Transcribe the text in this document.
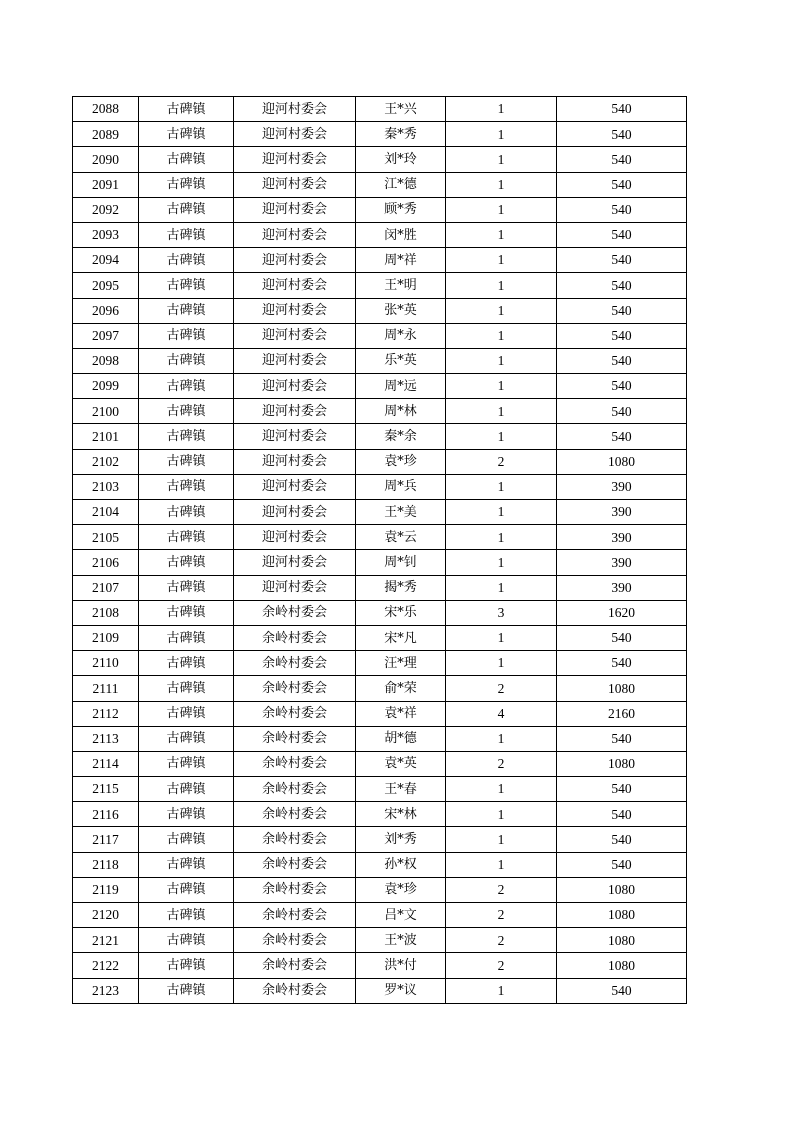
2088	古碑镇	迎河村委会	王*兴	1	540
2089	古碑镇	迎河村委会	秦*秀	1	540
2090	古碑镇	迎河村委会	刘*玲	1	540
2091	古碑镇	迎河村委会	江*德	1	540
2092	古碑镇	迎河村委会	顾*秀	1	540
2093	古碑镇	迎河村委会	闵*胜	1	540
2094	古碑镇	迎河村委会	周*祥	1	540
2095	古碑镇	迎河村委会	王*明	1	540
2096	古碑镇	迎河村委会	张*英	1	540
2097	古碑镇	迎河村委会	周*永	1	540
2098	古碑镇	迎河村委会	乐*英	1	540
2099	古碑镇	迎河村委会	周*远	1	540
2100	古碑镇	迎河村委会	周*林	1	540
2101	古碑镇	迎河村委会	秦*余	1	540
2102	古碑镇	迎河村委会	袁*珍	2	1080
2103	古碑镇	迎河村委会	周*兵	1	390
2104	古碑镇	迎河村委会	王*美	1	390
2105	古碑镇	迎河村委会	袁*云	1	390
2106	古碑镇	迎河村委会	周*钊	1	390
2107	古碑镇	迎河村委会	揭*秀	1	390
2108	古碑镇	余岭村委会	宋*乐	3	1620
2109	古碑镇	余岭村委会	宋*凡	1	540
2110	古碑镇	余岭村委会	汪*理	1	540
2111	古碑镇	余岭村委会	俞*荣	2	1080
2112	古碑镇	余岭村委会	袁*祥	4	2160
2113	古碑镇	余岭村委会	胡*德	1	540
2114	古碑镇	余岭村委会	袁*英	2	1080
2115	古碑镇	余岭村委会	王*春	1	540
2116	古碑镇	余岭村委会	宋*林	1	540
2117	古碑镇	余岭村委会	刘*秀	1	540
2118	古碑镇	余岭村委会	孙*权	1	540
2119	古碑镇	余岭村委会	袁*珍	2	1080
2120	古碑镇	余岭村委会	吕*文	2	1080
2121	古碑镇	余岭村委会	王*波	2	1080
2122	古碑镇	余岭村委会	洪*付	2	1080
2123	古碑镇	余岭村委会	罗*议	1	540
